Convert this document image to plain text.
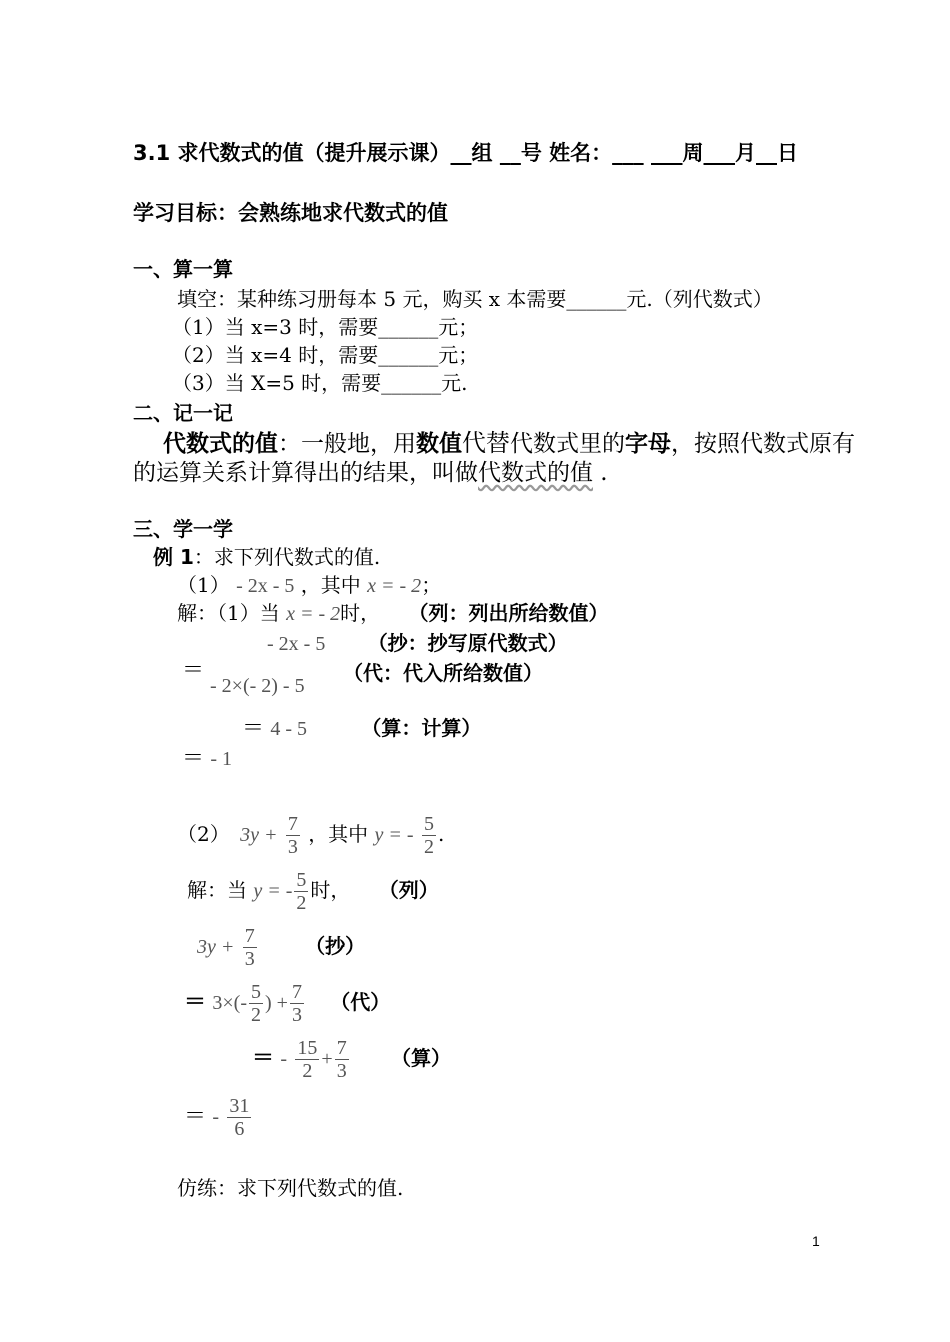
3.1 求代数式的值（提升展示课）__组 __号 姓名：___ ___周___月__日
学习目标：会熟练地求代数式的值
一、算一算
填空：某种练习册每本 5 元，购买 x 本需要______元.（列代数式）
（1）当 x=3 时，需要______元；
（2）当 x=4 时，需要______元；
（3）当 X=5 时，需要______元.
二、记一记
代数式的值：一般地，用数值代替代数式里的字母，按照代数式原有
的运算关系计算得出的结果，叫做代数式的值 .
三、学一学
例 1：求下列代数式的值.
（1） - 2x - 5 ，其中 x = - 2；
解：（1）当 x = - 2时， （列：列出所给数值）
- 2x - 5 （抄：抄写原代数式）
＝
- 2×(- 2) - 5
（代：代入所给数值）
＝ 4 - 5	（算：计算）
＝ - 1
（2） $3y + \frac{7}{3}$ ，其中 y = - $\frac{5}{2}$ .
解：当 y = - $\frac{5}{2}$ 时， （列）
$3y + \frac{7}{3}$ （抄）
＝ $3\times(- \frac{5}{2}$ ) + $\frac{7}{3}$ （代）
＝ - $\frac{15}{2} + \frac{7}{3}$ （算）
＝ - $\frac{31}{6}$
仿练：求下列代数式的值.
1
